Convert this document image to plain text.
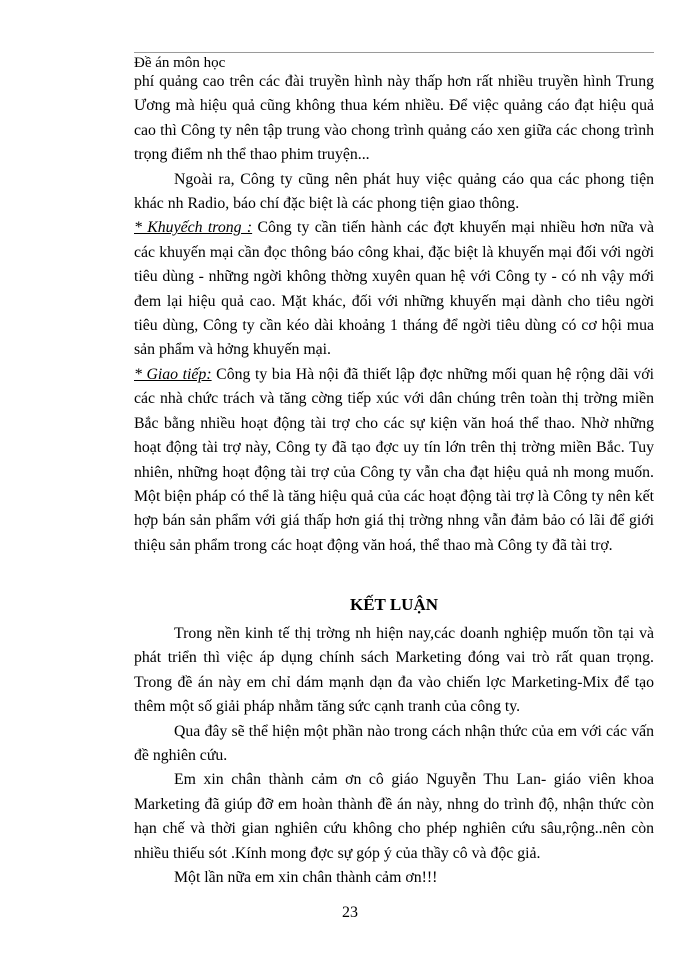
Đề án môn học

phí quảng cao trên các đài truyền hình này thấp hơn rất nhiều truyền hình Trung Ương mà hiệu quả cũng không thua kém nhiều. Để việc quảng cáo đạt hiệu quả cao thì Công ty nên tập trung vào chong trình quảng cáo xen giữa các chong trình trọng điểm nh thể thao phim truyện...

Ngoài ra, Công ty cũng nên phát huy việc quảng cáo qua các phong tiện khác nh Radio, báo chí đặc biệt là các phong tiện giao thông.

* Khuyếch trong : Công ty cần tiến hành các đợt khuyến mại nhiều hơn nữa và các khuyến mại cần đọc thông báo công khai, đặc biệt là khuyến mại đối với ngời tiêu dùng - những ngời không thờng xuyên quan hệ với Công ty - có nh vậy mới đem lại hiệu quả cao. Mặt khác, đối với những khuyến mại dành cho tiêu ngời tiêu dùng, Công ty cần kéo dài khoảng 1 tháng để ngời tiêu dùng có cơ hội mua sản phẩm và hởng khuyến mại.

* Giao tiếp: Công ty bia Hà nội đã thiết lập đợc những mối quan hệ rộng dãi với các nhà chức trách và tăng cờng tiếp xúc với dân chúng trên toàn thị trờng miền Bắc bằng nhiều hoạt động tài trợ cho các sự kiện văn hoá thể thao. Nhờ những hoạt động tài trợ này, Công ty đã tạo đợc uy tín lớn trên thị trờng miền Bắc. Tuy nhiên, những hoạt động tài trợ của Công ty vẫn cha đạt hiệu quả nh mong muốn. Một biện pháp có thể là tăng hiệu quả của các hoạt động tài trợ là Công ty nên kết hợp bán sản phẩm với giá thấp hơn giá thị trờng nhng vẫn đảm bảo có lãi để giới thiệu sản phẩm trong các hoạt động văn hoá, thể thao mà Công ty đã tài trợ.

KẾT LUẬN

Trong nền kinh tế thị trờng nh hiện nay,các doanh nghiệp muốn tồn tại và phát triển thì việc áp dụng chính sách Marketing đóng vai trò rất quan trọng. Trong đề án này em chỉ dám mạnh dạn đa vào chiến lợc Marketing-Mix để tạo thêm một số giải pháp nhằm tăng sức cạnh tranh của công ty.

Qua đây sẽ thể hiện một phần nào trong cách nhận thức của em với các vấn đề nghiên cứu.

Em xin chân thành cảm ơn cô giáo Nguyễn Thu Lan- giáo viên khoa Marketing đã giúp đỡ em hoàn thành đề án này, nhng do trình độ, nhận thức còn hạn chế và thời gian nghiên cứu không cho phép nghiên cứu sâu,rộng..nên còn nhiều thiếu sót .Kính mong đợc sự góp ý của thầy cô và độc giả.

Một lần nữa em xin chân thành cảm ơn!!!

23
